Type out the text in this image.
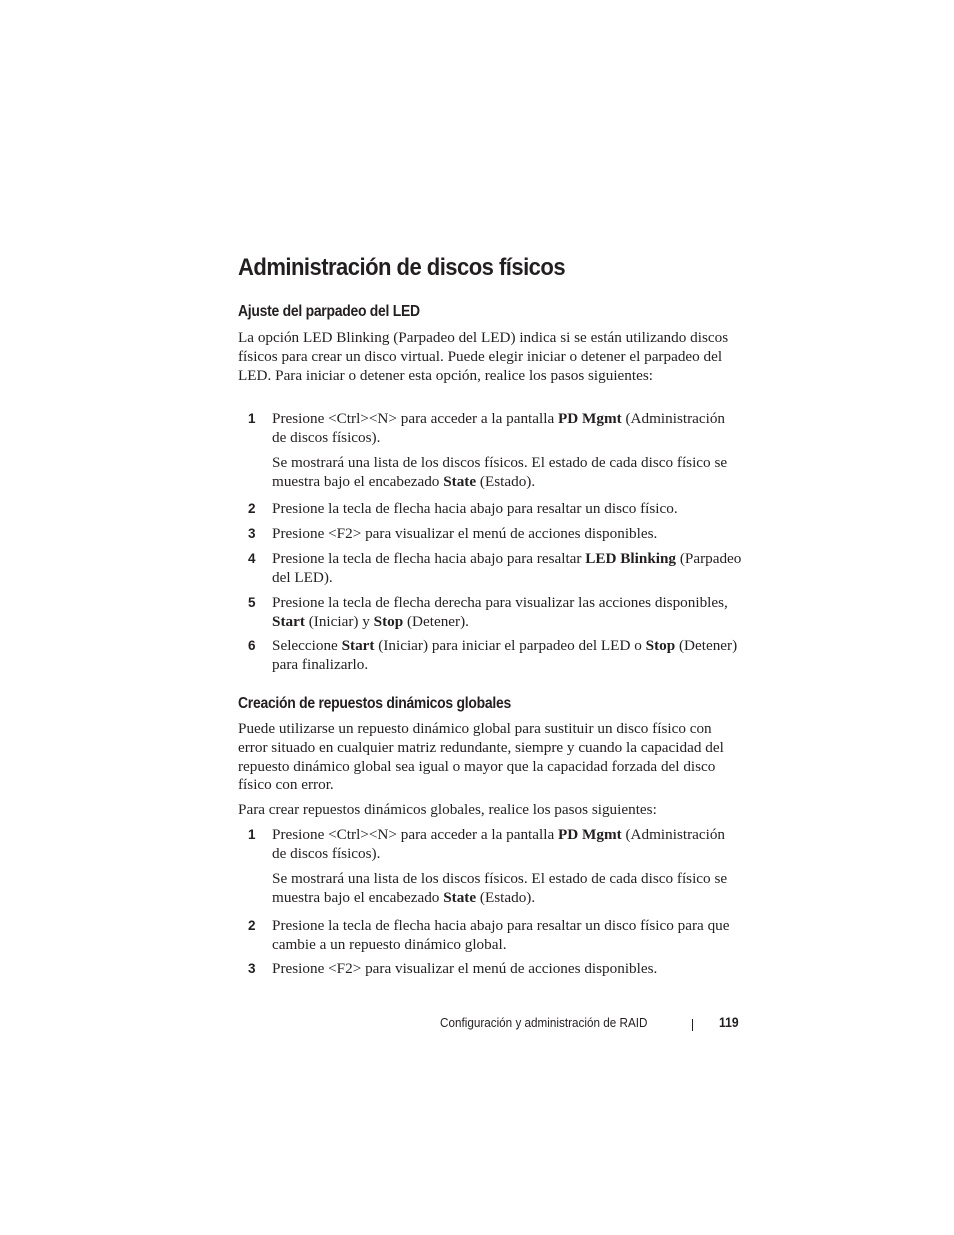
Administración de discos físicos
Ajuste del parpadeo del LED

La opción LED Blinking (Parpadeo del LED) indica si se están utilizando discos físicos para crear un disco virtual. Puede elegir iniciar o detener el parpadeo del LED. Para iniciar o detener esta opción, realice los pasos siguientes:

1 Presione <Ctrl><N> para acceder a la pantalla PD Mgmt (Administración de discos físicos).

Se mostrará una lista de los discos físicos. El estado de cada disco físico se muestra bajo el encabezado State (Estado).

2 Presione la tecla de flecha hacia abajo para resaltar un disco físico.

3 Presione <F2> para visualizar el menú de acciones disponibles.

4 Presione la tecla de flecha hacia abajo para resaltar LED Blinking (Parpadeo del LED).

5 Presione la tecla de flecha derecha para visualizar las acciones disponibles, Start (Iniciar) y Stop (Detener).

6 Seleccione Start (Iniciar) para iniciar el parpadeo del LED o Stop (Detener) para finalizarlo.

Creación de repuestos dinámicos globales

Puede utilizarse un repuesto dinámico global para sustituir un disco físico con error situado en cualquier matriz redundante, siempre y cuando la capacidad del repuesto dinámico global sea igual o mayor que la capacidad forzada del disco físico con error.

Para crear repuestos dinámicos globales, realice los pasos siguientes:

1 Presione <Ctrl><N> para acceder a la pantalla PD Mgmt (Administración de discos físicos).

Se mostrará una lista de los discos físicos. El estado de cada disco físico se muestra bajo el encabezado State (Estado).

2 Presione la tecla de flecha hacia abajo para resaltar un disco físico para que cambie a un repuesto dinámico global.

3 Presione <F2> para visualizar el menú de acciones disponibles.

Configuración y administración de RAID	119
